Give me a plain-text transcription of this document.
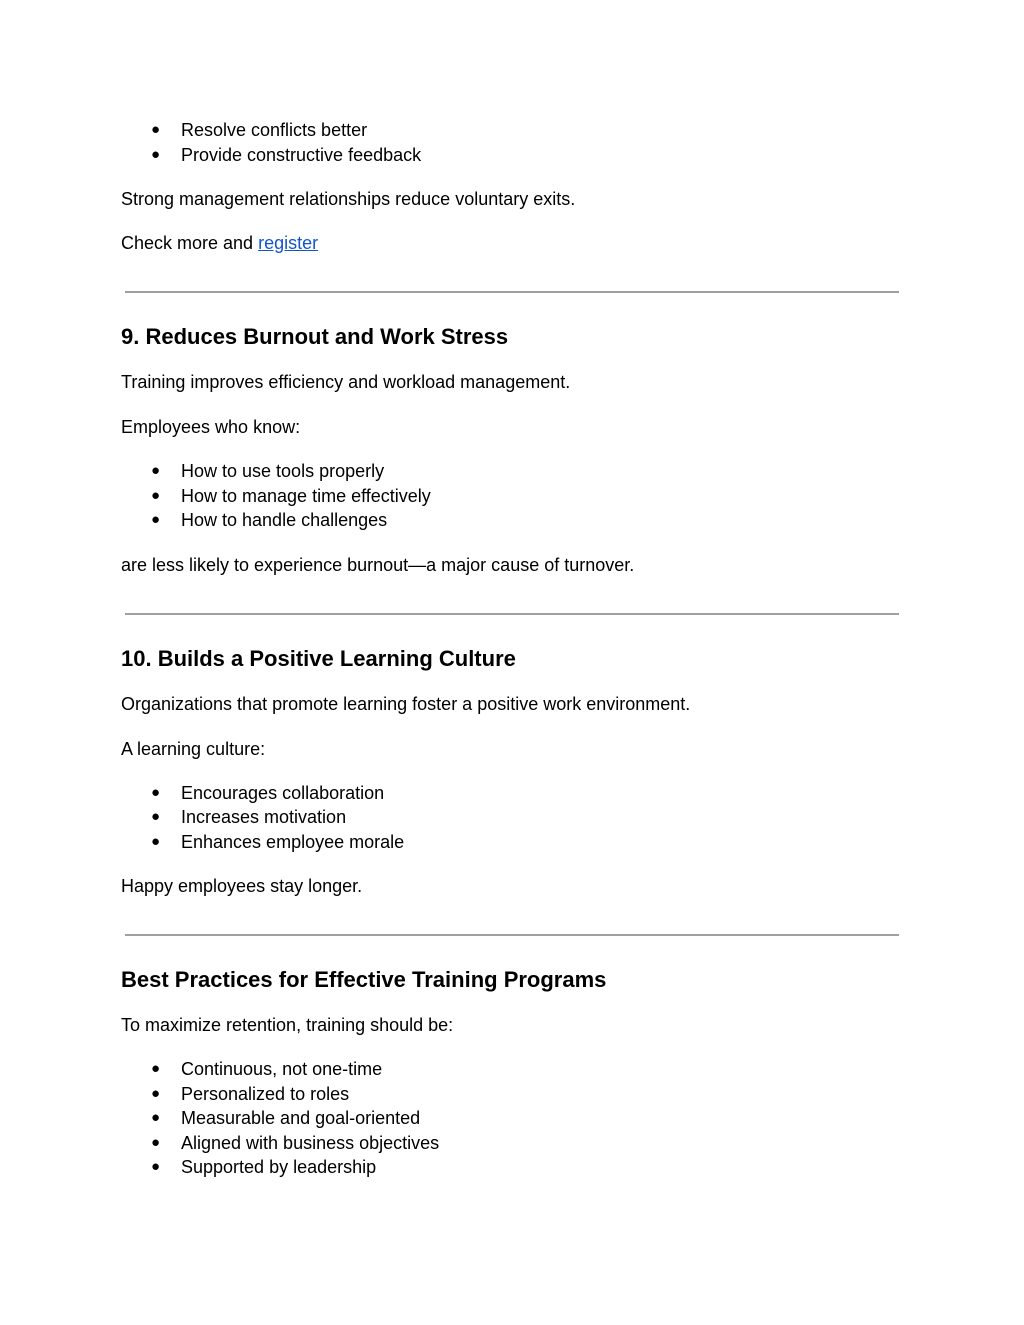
● Resolve conflicts better
● Provide constructive feedback

Strong management relationships reduce voluntary exits.

Check more and register

9. Reduces Burnout and Work Stress

Training improves efficiency and workload management.

Employees who know:

● How to use tools properly
● How to manage time effectively
● How to handle challenges

are less likely to experience burnout—a major cause of turnover.

10. Builds a Positive Learning Culture

Organizations that promote learning foster a positive work environment.

A learning culture:

● Encourages collaboration
● Increases motivation
● Enhances employee morale

Happy employees stay longer.

Best Practices for Effective Training Programs

To maximize retention, training should be:

● Continuous, not one-time
● Personalized to roles
● Measurable and goal-oriented
● Aligned with business objectives
● Supported by leadership
